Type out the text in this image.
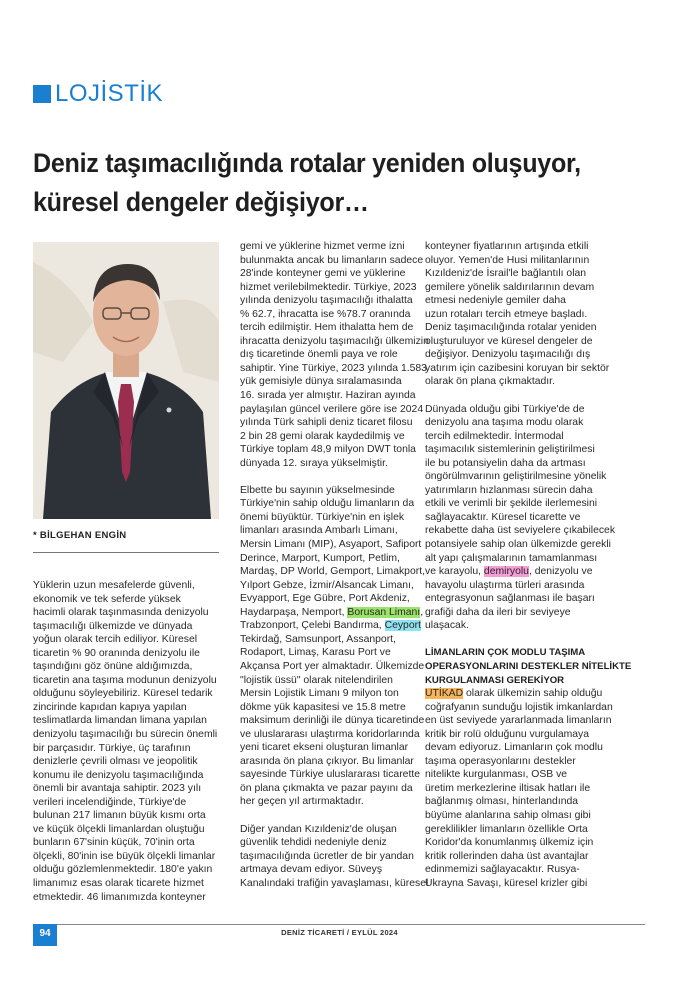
LOJİSTİK
Deniz taşımacılığında rotalar yeniden oluşuyor,
küresel dengeler değişiyor…
* BİLGEHAN ENGİN

Yüklerin uzun mesafelerde güvenli,

ekonomik ve tek seferde yüksek

hacimli olarak taşınmasında denizyolu

taşımacılığı ülkemizde ve dünyada

yoğun olarak tercih ediliyor. Küresel

ticaretin % 90 oranında denizyolu ile

taşındığını göz önüne aldığımızda,

ticaretin ana taşıma modunun denizyolu

olduğunu söyleyebiliriz. Küresel tedarik

zincirinde kapıdan kapıya yapılan

teslimatlarda limandan limana yapılan

denizyolu taşımacılığı bu sürecin önemli

bir parçasıdır. Türkiye, üç tarafının

denizlerle çevrili olması ve jeopolitik

konumu ile denizyolu taşımacılığında

önemli bir avantaja sahiptir. 2023 yılı

verileri incelendiğinde, Türkiye'de

bulunan 217 limanın büyük kısmı orta

ve küçük ölçekli limanlardan oluştuğu

bunların 67'sinin küçük, 70'inin orta

ölçekli, 80'inin ise büyük ölçekli limanlar

olduğu gözlemlenmektedir. 180'e yakın

limanımız esas olarak ticarete hizmet

etmektedir. 46 limanımızda konteyner

gemi ve yüklerine hizmet verme izni

bulunmakta ancak bu limanların sadece

28'inde konteyner gemi ve yüklerine

hizmet verilebilmektedir. Türkiye, 2023

yılında denizyolu taşımacılığı ithalatta

% 62.7, ihracatta ise %78.7 oranında

tercih edilmiştir. Hem ithalatta hem de

ihracatta denizyolu taşımacılığı ülkemizin

dış ticaretinde önemli paya ve role

sahiptir. Yine Türkiye, 2023 yılında 1.583

yük gemisiyle dünya sıralamasında

16. sırada yer almıştır. Haziran ayında

paylaşılan güncel verilere göre ise 2024

yılında Türk sahipli deniz ticaret filosu

2 bin 28 gemi olarak kaydedilmiş ve

Türkiye toplam 48,9 milyon DWT tonla

dünyada 12. sıraya yükselmiştir.

Elbette bu sayının yükselmesinde

Türkiye'nin sahip olduğu limanların da

önemi büyüktür. Türkiye'nin en işlek

limanları arasında Ambarlı Limanı,

Mersin Limanı (MIP), Asyaport, Safiport

Derince, Marport, Kumport, Petlim,

Mardaş, DP World, Gemport, Limakport,

Yılport Gebze, İzmir/Alsancak Limanı,

Evyapport, Ege Gübre, Port Akdeniz,

Haydarpaşa, Nemport, Borusan Limanı,

Trabzonport, Çelebi Bandırma, Ceyport

Tekirdağ, Samsunport, Assanport,

Rodaport, Limaş, Karasu Port ve

Akçansa Port yer almaktadır. Ülkemizde

"lojistik üssü" olarak nitelendirilen

Mersin Lojistik Limanı 9 milyon ton

dökme yük kapasitesi ve 15.8 metre

maksimum derinliği ile dünya ticaretinde

ve uluslararası ulaştırma koridorlarında

yeni ticaret ekseni oluşturan limanlar

arasında ön plana çıkıyor. Bu limanlar

sayesinde Türkiye uluslararası ticarette

ön plana çıkmakta ve pazar payını da

her geçen yıl artırmaktadır.

Diğer yandan Kızıldeniz'de oluşan

güvenlik tehdidi nedeniyle deniz

taşımacılığında ücretler de bir yandan

artmaya devam ediyor. Süveyş

Kanalındaki trafiğin yavaşlaması, küresel

konteyner fiyatlarının artışında etkili

oluyor. Yemen'de Husi militanlarının

Kızıldeniz'de İsrail'le bağlantılı olan

gemilere yönelik saldırılarının devam

etmesi nedeniyle gemiler daha

uzun rotaları tercih etmeye başladı.

Deniz taşımacılığında rotalar yeniden

oluşturuluyor ve küresel dengeler de

değişiyor. Denizyolu taşımacılığı dış

yatırım için cazibesini koruyan bir sektör

olarak ön plana çıkmaktadır.

Dünyada olduğu gibi Türkiye'de de

denizyolu ana taşıma modu olarak

tercih edilmektedir. İntermodal

taşımacılık sistemlerinin geliştirilmesi

ile bu potansiyelin daha da artması

öngörülmvarının geliştirilmesine yönelik

yatırımların hızlanması sürecin daha

etkili ve verimli bir şekilde ilerlemesini

sağlayacaktır. Küresel ticarette ve

rekabette daha üst seviyelere çıkabilecek

potansiyele sahip olan ülkemizde gerekli

alt yapı çalışmalarının tamamlanması

ve karayolu, demiryolu, denizyolu ve

havayolu ulaştırma türleri arasında

entegrasyonun sağlanması ile başarı

grafiği daha da ileri bir seviyeye

ulaşacak.

LİMANLARIN ÇOK MODLU TAŞIMA

OPERASYONLARINI DESTEKLER NİTELİKTE

KURGULANMASI GEREKİYOR

UTİKAD olarak ülkemizin sahip olduğu

coğrafyanın sunduğu lojistik imkanlardan

en üst seviyede yararlanmada limanların

kritik bir rolü olduğunu vurgulamaya

devam ediyoruz. Limanların çok modlu

taşıma operasyonlarını destekler

nitelikte kurgulanması, OSB ve

üretim merkezlerine iltisak hatları ile

bağlanmış olması, hinterlandında

büyüme alanlarına sahip olması gibi

gereklilikler limanların özellikle Orta

Koridor'da konumlanmış ülkemiz için

kritik rollerinden daha üst avantajlar

edinmemizi sağlayacaktır. Rusya-

Ukrayna Savaşı, küresel krizler gibi

94	DENİZ TİCARETİ / EYLÜL 2024
